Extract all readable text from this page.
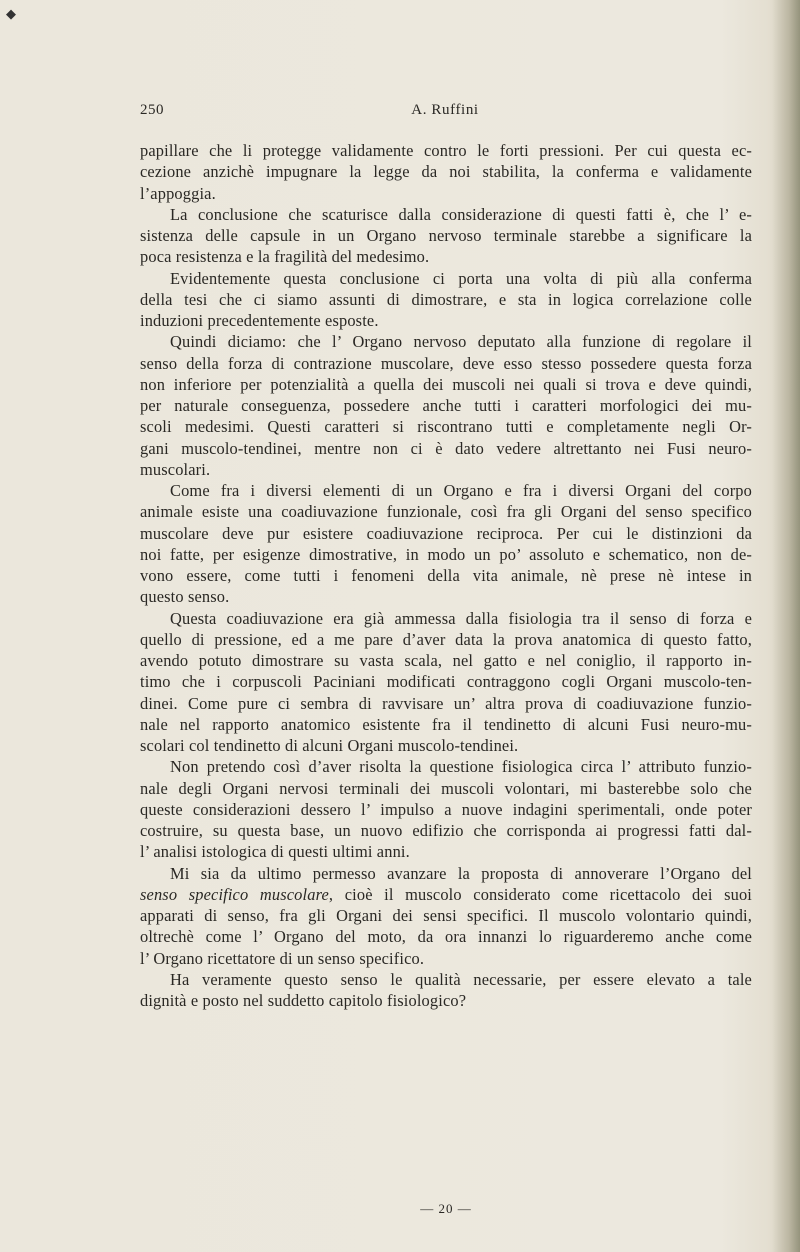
◆
250	A. Ruffini
papillare che li protegge validamente contro le forti pressioni. Per cui questa ec-
cezione anzichè impugnare la legge da noi stabilita, la conferma e validamente
l’appoggia.
La conclusione che scaturisce dalla considerazione di questi fatti è, che l’ e-
sistenza delle capsule in un Organo nervoso terminale starebbe a significare la
poca resistenza e la fragilità del medesimo.
Evidentemente questa conclusione ci porta una volta di più alla conferma
della tesi che ci siamo assunti di dimostrare, e sta in logica correlazione colle
induzioni precedentemente esposte.
Quindi diciamo: che l’ Organo nervoso deputato alla funzione di regolare il
senso della forza di contrazione muscolare, deve esso stesso possedere questa forza
non inferiore per potenzialità a quella dei muscoli nei quali si trova e deve quindi,
per naturale conseguenza, possedere anche tutti i caratteri morfologici dei mu-
scoli medesimi. Questi caratteri si riscontrano tutti e completamente negli Or-
gani muscolo-tendinei, mentre non ci è dato vedere altrettanto nei Fusi neuro-
muscolari.
Come fra i diversi elementi di un Organo e fra i diversi Organi del corpo
animale esiste una coadiuvazione funzionale, così fra gli Organi del senso specifico
muscolare deve pur esistere coadiuvazione reciproca. Per cui le distinzioni da
noi fatte, per esigenze dimostrative, in modo un po’ assoluto e schematico, non de-
vono essere, come tutti i fenomeni della vita animale, nè prese nè intese in
questo senso.
Questa coadiuvazione era già ammessa dalla fisiologia tra il senso di forza e
quello di pressione, ed a me pare d’aver data la prova anatomica di questo fatto,
avendo potuto dimostrare su vasta scala, nel gatto e nel coniglio, il rapporto in-
timo che i corpuscoli Paciniani modificati contraggono cogli Organi muscolo-ten-
dinei. Come pure ci sembra di ravvisare un’ altra prova di coadiuvazione funzio-
nale nel rapporto anatomico esistente fra il tendinetto di alcuni Fusi neuro-mu-
scolari col tendinetto di alcuni Organi muscolo-tendinei.
Non pretendo così d’aver risolta la questione fisiologica circa l’ attributo funzio-
nale degli Organi nervosi terminali dei muscoli volontari, mi basterebbe solo che
queste considerazioni dessero l’ impulso a nuove indagini sperimentali, onde poter
costruire, su questa base, un nuovo edifizio che corrisponda ai progressi fatti dal-
l’ analisi istologica di questi ultimi anni.
Mi sia da ultimo permesso avanzare la proposta di annoverare l’Organo del
senso specifico muscolare, cioè il muscolo considerato come ricettacolo dei suoi
apparati di senso, fra gli Organi dei sensi specifici. Il muscolo volontario quindi,
oltrechè come l’ Organo del moto, da ora innanzi lo riguarderemo anche come
l’ Organo ricettatore di un senso specifico.
Ha veramente questo senso le qualità necessarie, per essere elevato a tale
dignità e posto nel suddetto capitolo fisiologico?
— 20 —
